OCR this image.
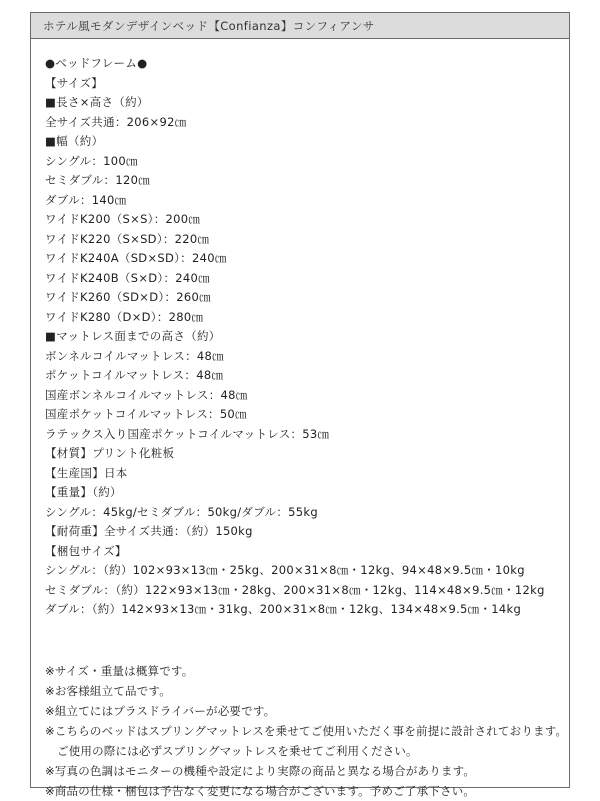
ホテル風モダンデザインベッド【Confianza】コンフィアンサ
●ベッドフレーム●
【サイズ】
■長さ×高さ（約）
全サイズ共通：206×92㎝
■幅（約）
シングル：100㎝
セミダブル：120㎝
ダブル：140㎝
ワイドK200（S×S）：200㎝
ワイドK220（S×SD）：220㎝
ワイドK240A（SD×SD）：240㎝
ワイドK240B（S×D）：240㎝
ワイドK260（SD×D）：260㎝
ワイドK280（D×D）：280㎝
■マットレス面までの高さ（約）
ボンネルコイルマットレス：48㎝
ポケットコイルマットレス：48㎝
国産ボンネルコイルマットレス：48㎝
国産ポケットコイルマットレス：50㎝
ラテックス入り国産ポケットコイルマットレス：53㎝
【材質】プリント化粧板
【生産国】日本
【重量】（約）
シングル：45kg/セミダブル：50kg/ダブル：55kg
【耐荷重】全サイズ共通：（約）150kg
【梱包サイズ】
シングル：（約）102×93×13㎝・25kg、200×31×8㎝・12kg、94×48×9.5㎝・10kg
セミダブル：（約）122×93×13㎝・28kg、200×31×8㎝・12kg、114×48×9.5㎝・12kg
ダブル：（約）142×93×13㎝・31kg、200×31×8㎝・12kg、134×48×9.5㎝・14kg
※サイズ・重量は概算です。
※お客様組立て品です。
※組立てにはプラスドライバーが必要です。
※こちらのベッドはスプリングマットレスを乗せてご使用いただく事を前提に設計されております。
ご使用の際には必ずスプリングマットレスを乗せてご利用ください。
※写真の色調はモニターの機種や設定により実際の商品と異なる場合があります。
※商品の仕様・梱包は予告なく変更になる場合がございます。予めご了承下さい。
